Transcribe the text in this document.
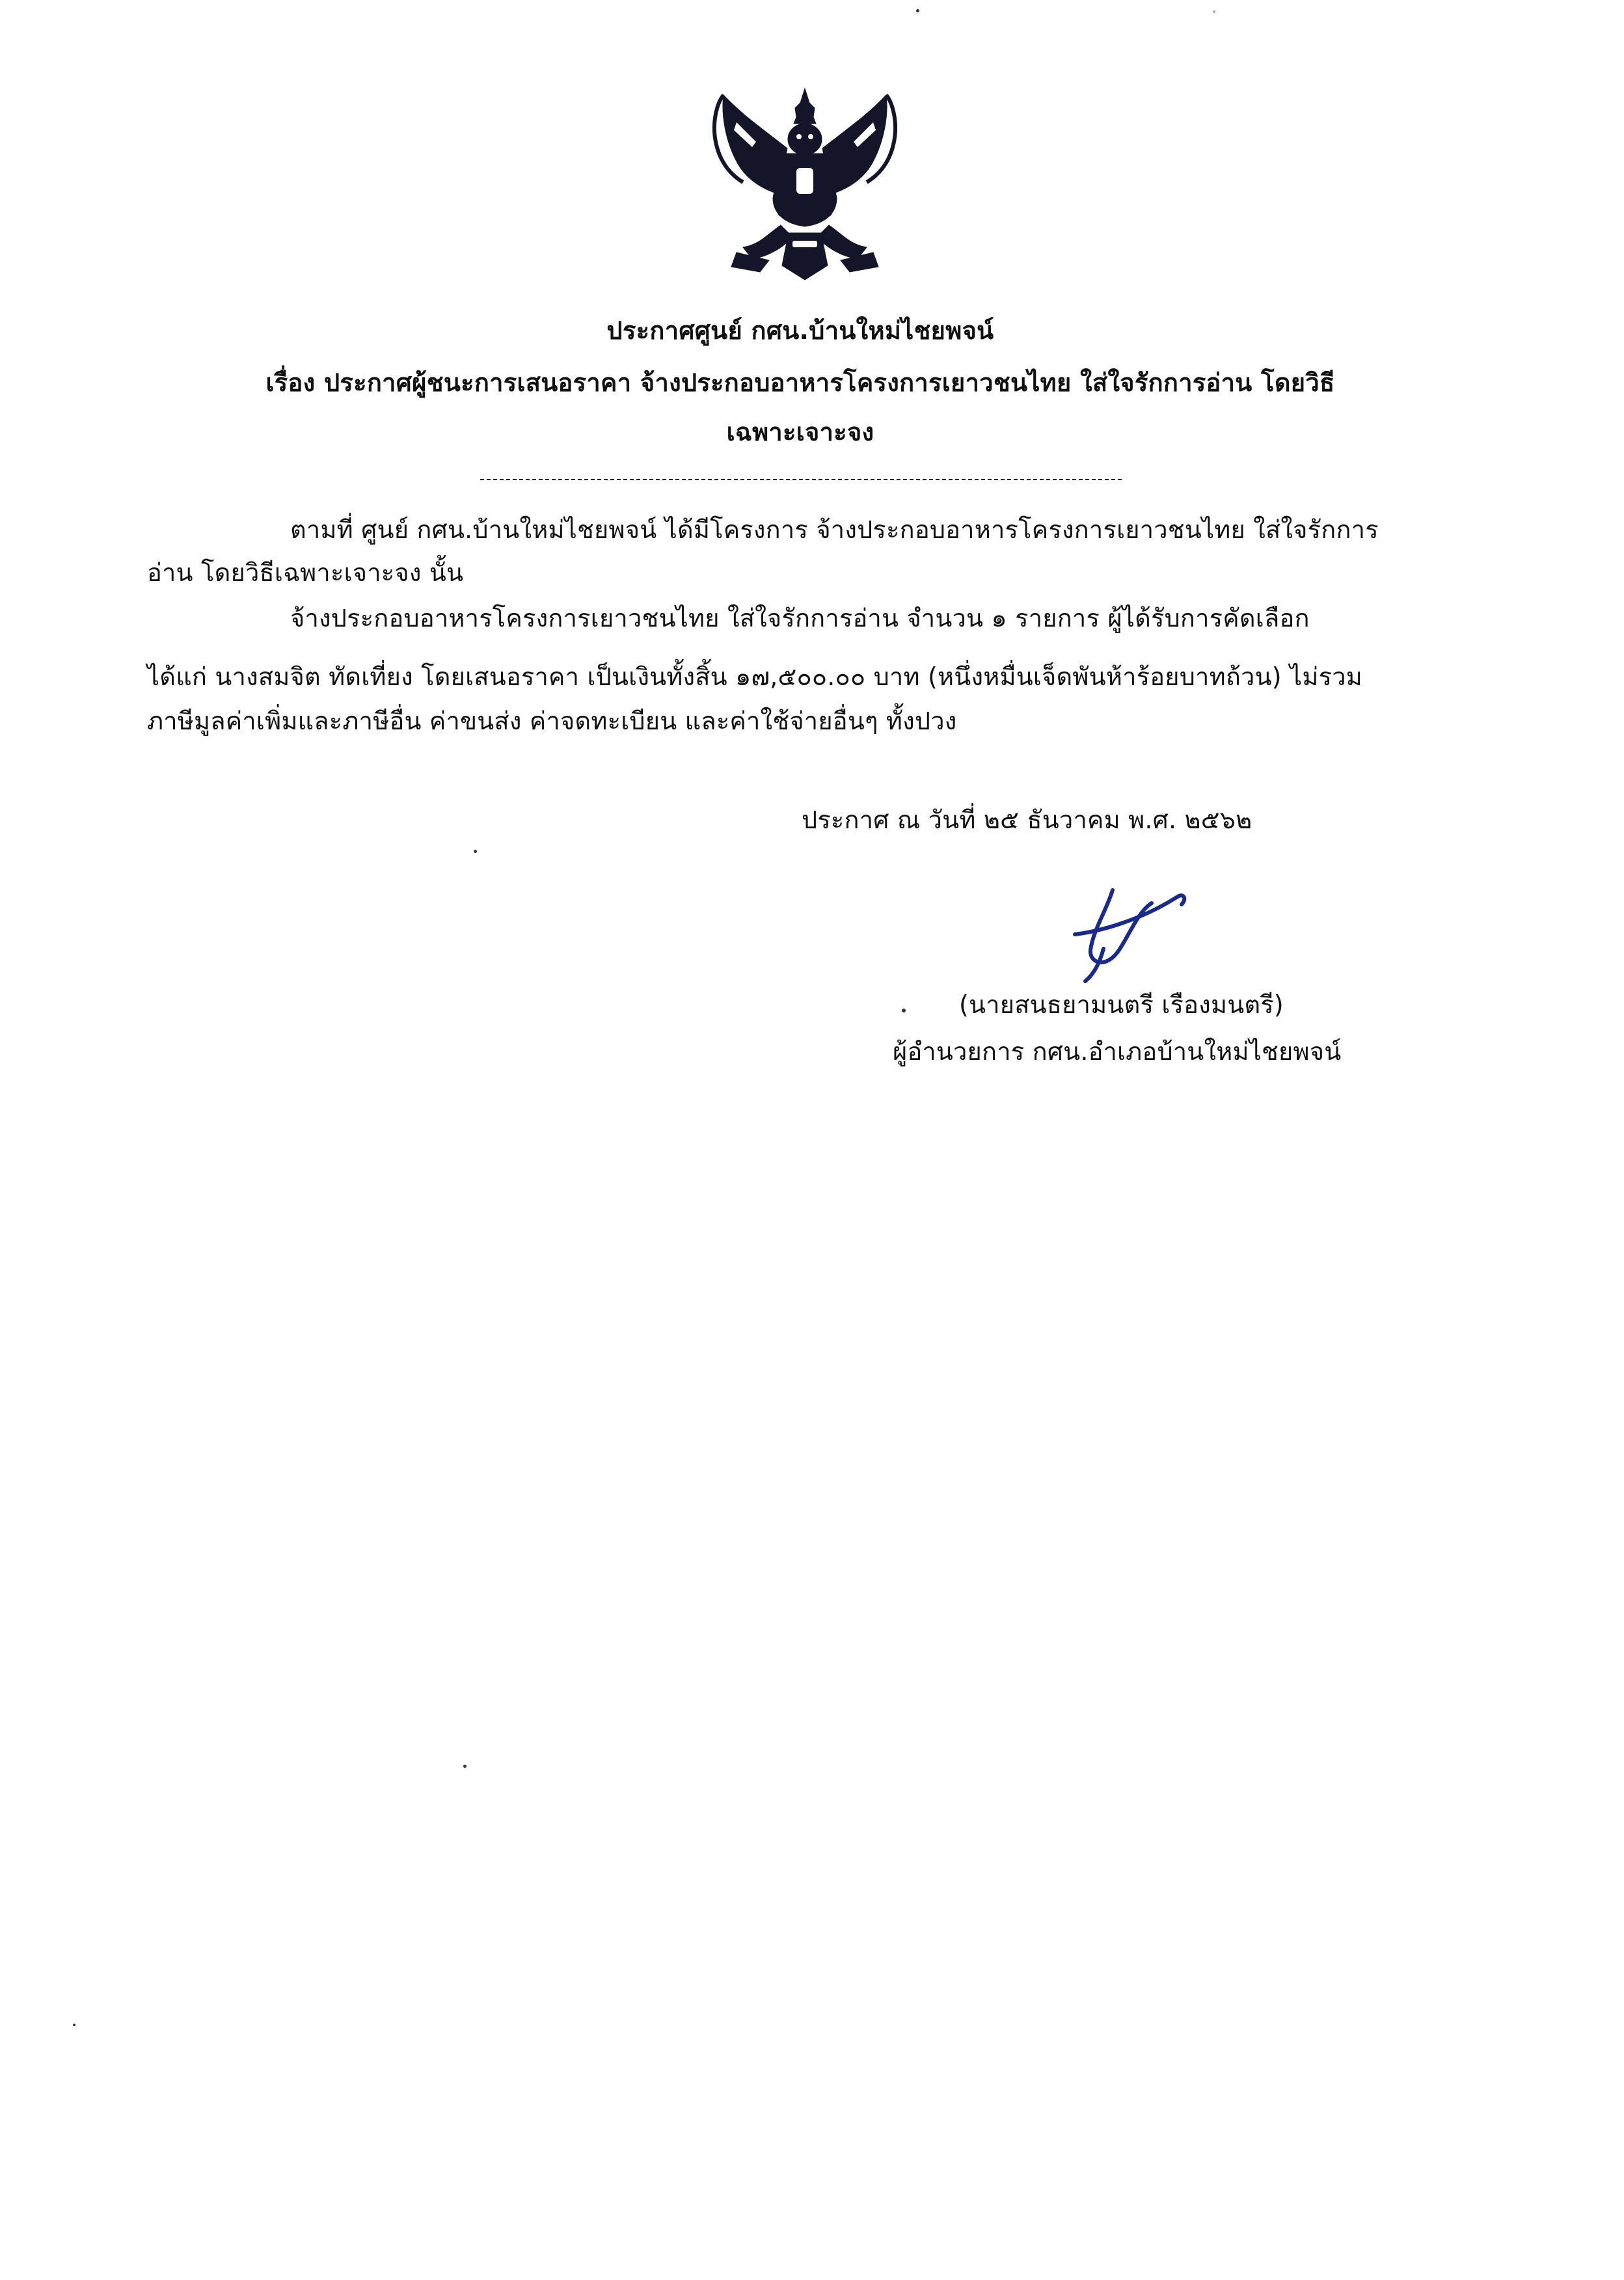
ประกาศศูนย์ กศน.บ้านใหม่ไชยพจน์
เรื่อง ประกาศผู้ชนะการเสนอราคา จ้างประกอบอาหารโครงการเยาวชนไทย ใส่ใจรักการอ่าน โดยวิธี
เฉพาะเจาะจง
ตามที่ ศูนย์ กศน.บ้านใหม่ไชยพจน์ ได้มีโครงการ จ้างประกอบอาหารโครงการเยาวชนไทย ใส่ใจรักการ
อ่าน โดยวิธีเฉพาะเจาะจง นั้น
จ้างประกอบอาหารโครงการเยาวชนไทย ใส่ใจรักการอ่าน จำนวน ๑ รายการ ผู้ได้รับการคัดเลือก
ได้แก่ นางสมจิต ทัดเที่ยง โดยเสนอราคา เป็นเงินทั้งสิ้น ๑๗,๕๐๐.๐๐ บาท (หนึ่งหมื่นเจ็ดพันห้าร้อยบาทถ้วน) ไม่รวม
ภาษีมูลค่าเพิ่มและภาษีอื่น ค่าขนส่ง ค่าจดทะเบียน และค่าใช้จ่ายอื่นๆ ทั้งปวง
ประกาศ ณ วันที่ ๒๕ ธันวาคม พ.ศ. ๒๕๖๒
(นายสนธยามนตรี เรืองมนตรี)
ผู้อำนวยการ กศน.อำเภอบ้านใหม่ไชยพจน์
